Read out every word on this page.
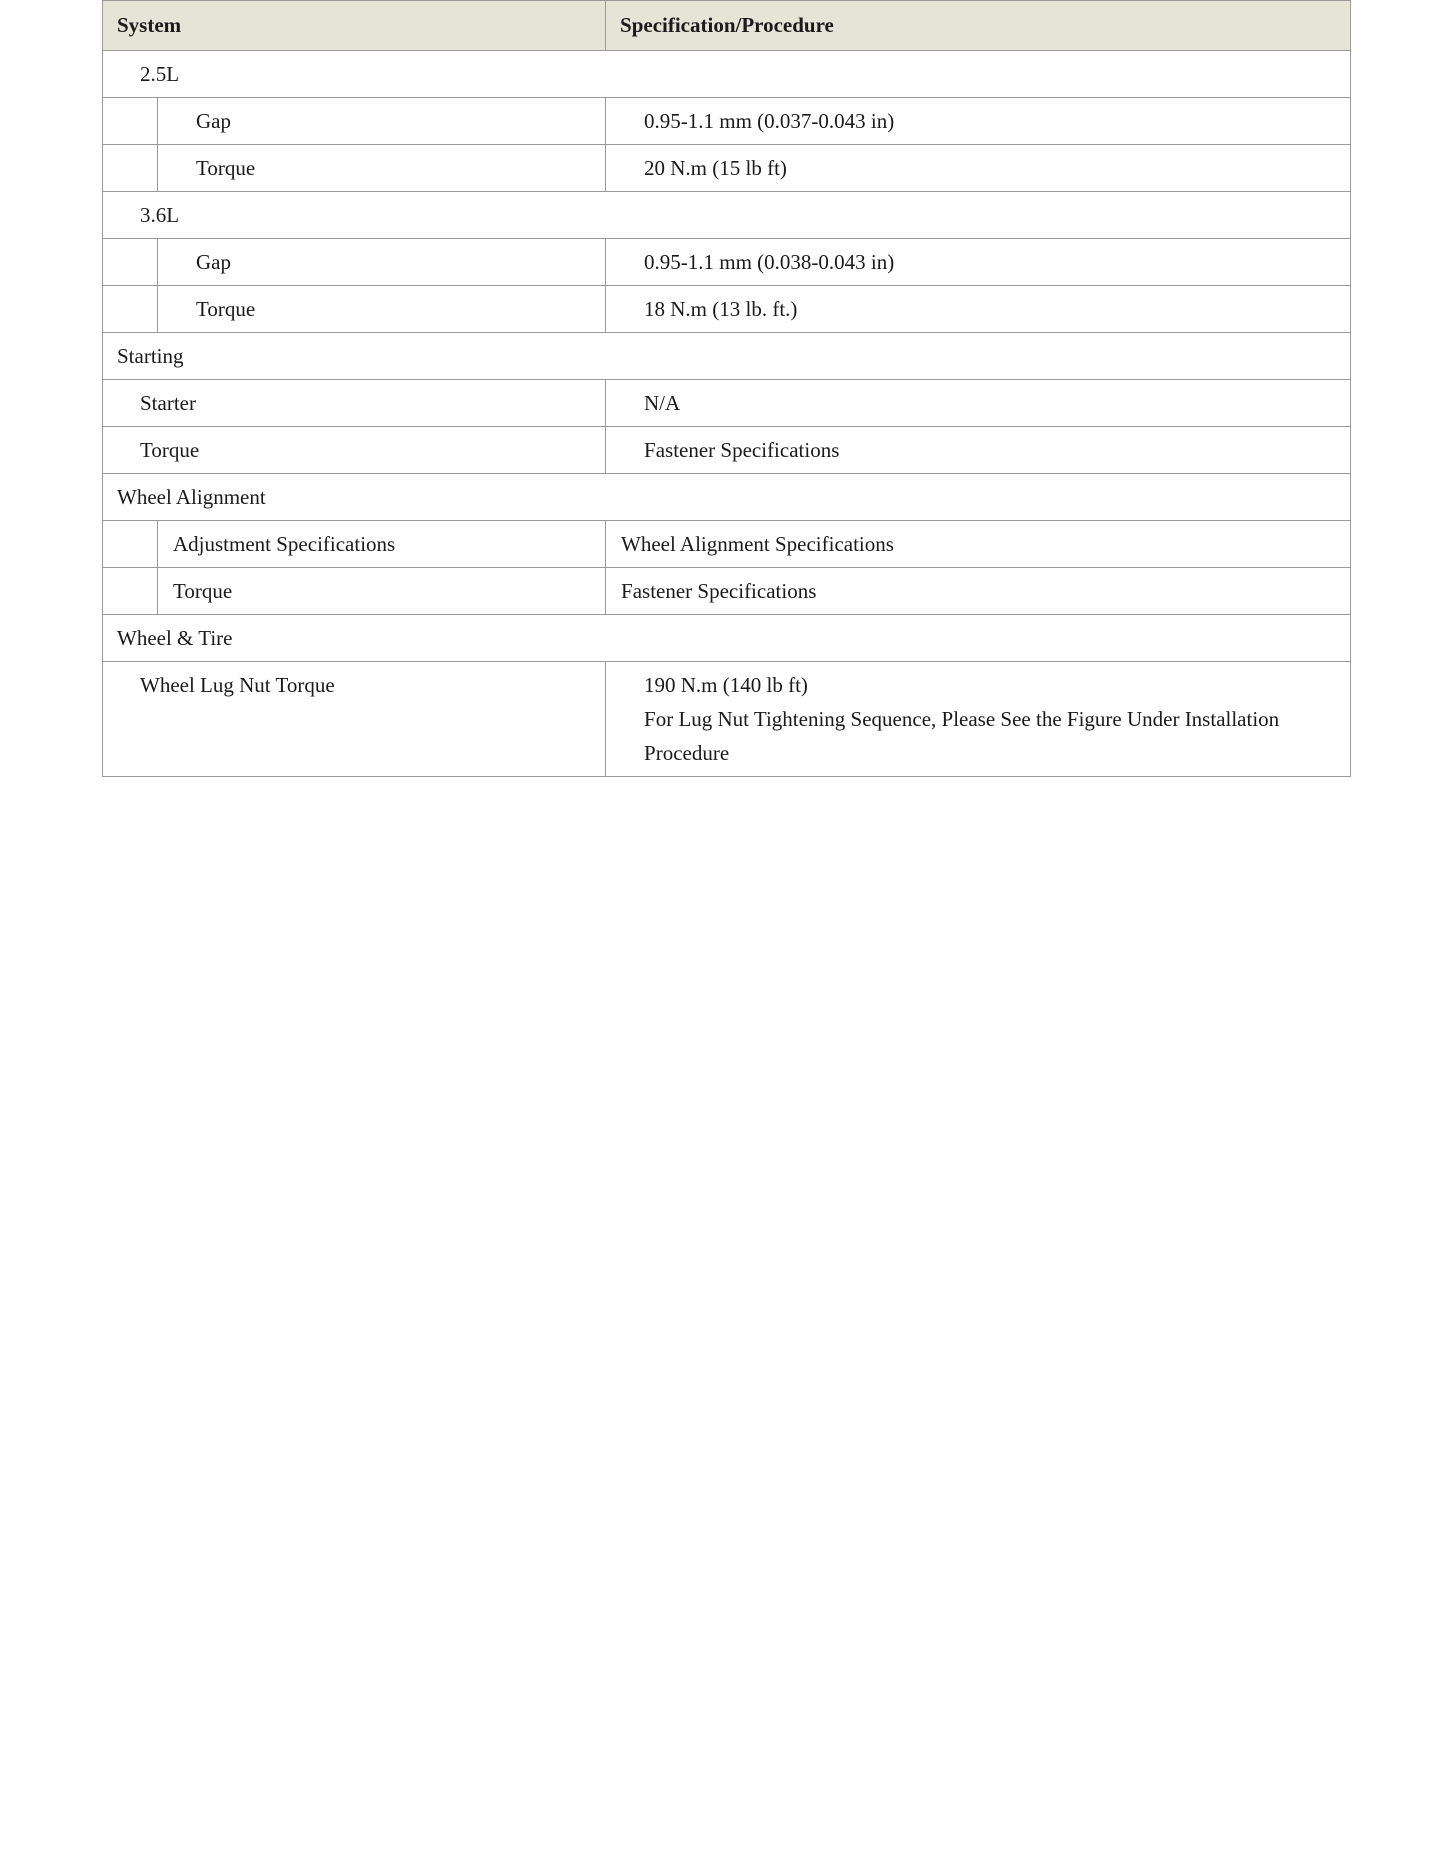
System		Specification/Procedure
2.5L		
	Gap	0.95-1.1 mm (0.037-0.043 in)
	Torque	20 N.m (15 lb ft)
3.6L		
	Gap	0.95-1.1 mm (0.038-0.043 in)
	Torque	18 N.m (13 lb. ft.)
Starting		
Starter		N/A
Torque		Fastener Specifications
Wheel Alignment		
	Adjustment Specifications	Wheel Alignment Specifications
	Torque	Fastener Specifications
Wheel & Tire		
Wheel Lug Nut Torque		190 N.m (140 lb ft)

For Lug Nut Tightening Sequence, Please See the Figure Under Installation Procedure
